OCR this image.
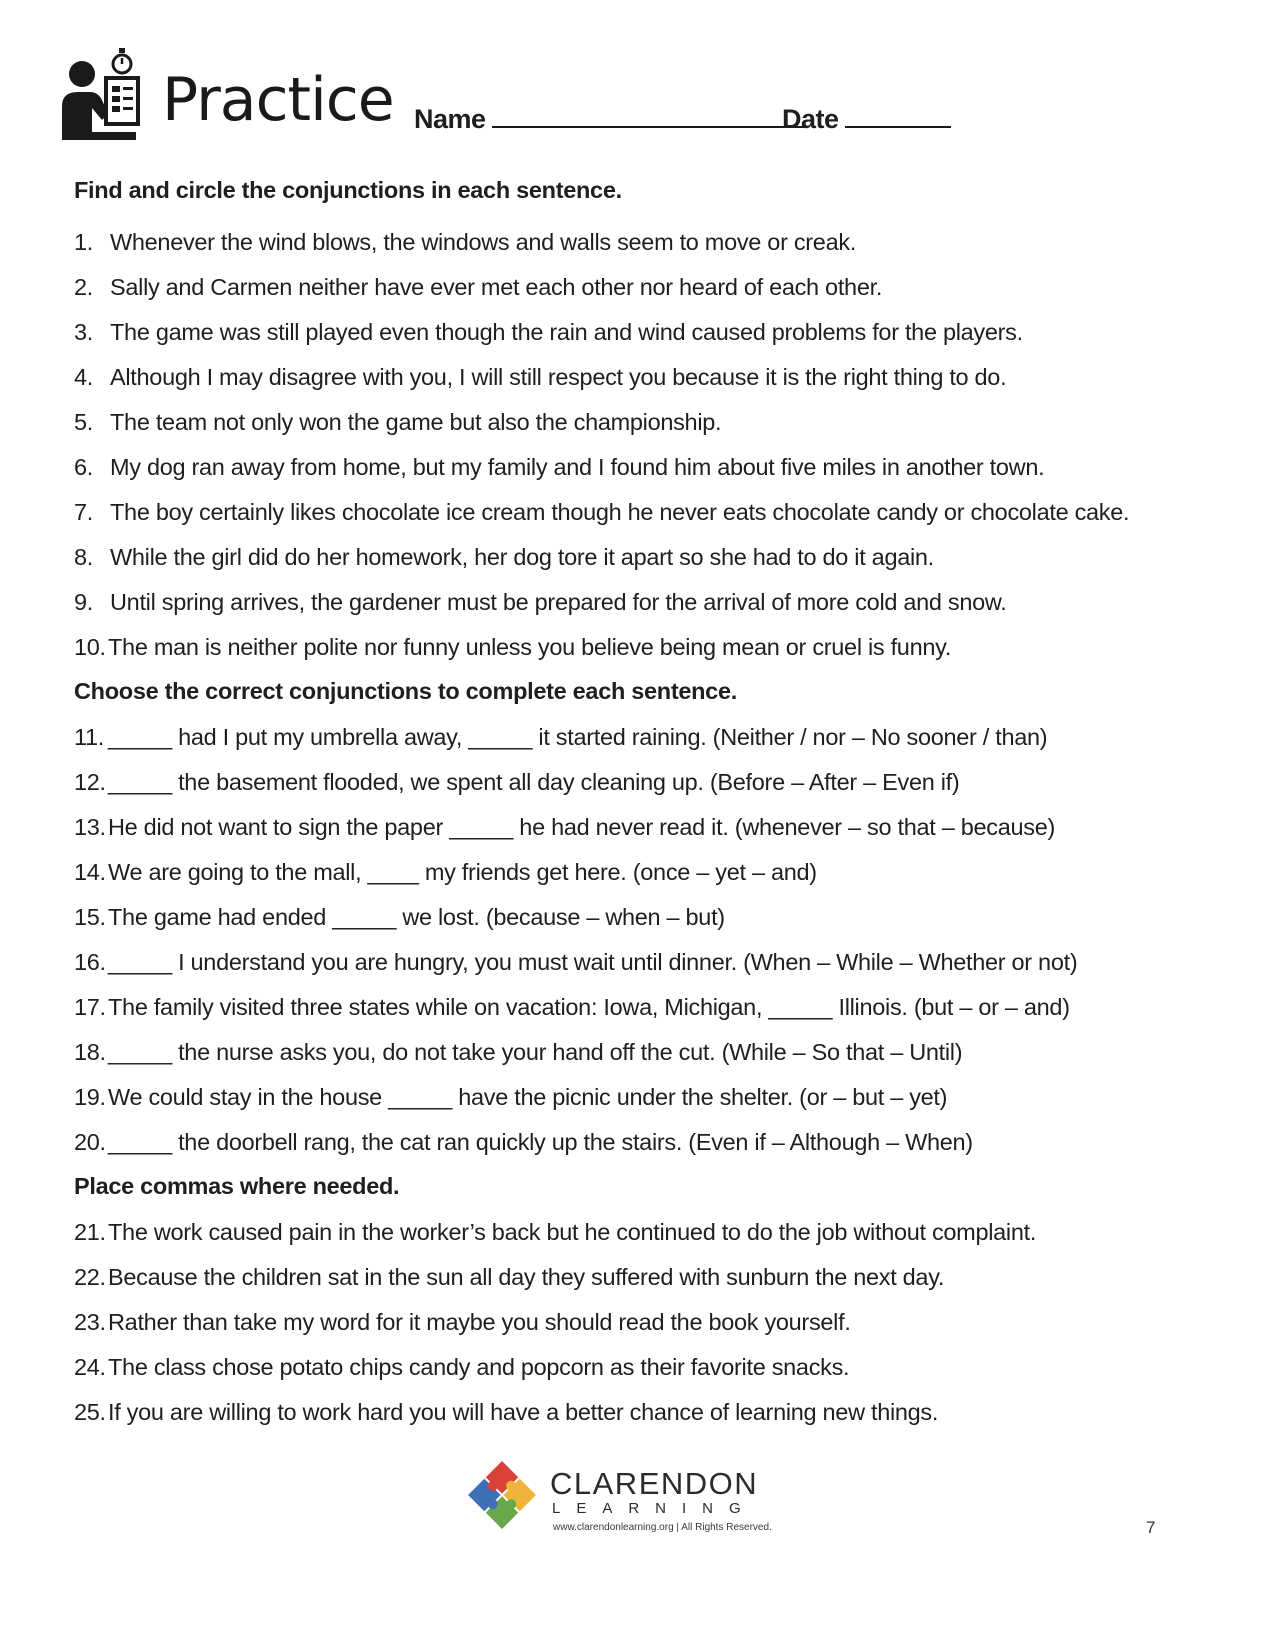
Practice Name	Date
Find and circle the conjunctions in each sentence.
1. Whenever the wind blows, the windows and walls seem to move or creak.
2. Sally and Carmen neither have ever met each other nor heard of each other.
3. The game was still played even though the rain and wind caused problems for the players.
4. Although I may disagree with you, I will still respect you because it is the right thing to do.
5. The team not only won the game but also the championship.
6. My dog ran away from home, but my family and I found him about five miles in another town.
7. The boy certainly likes chocolate ice cream though he never eats chocolate candy or chocolate cake.
8. While the girl did do her homework, her dog tore it apart so she had to do it again.
9. Until spring arrives, the gardener must be prepared for the arrival of more cold and snow.
10. The man is neither polite nor funny unless you believe being mean or cruel is funny.
Choose the correct conjunctions to complete each sentence.
11. _____ had I put my umbrella away, _____ it started raining. (Neither / nor – No sooner / than)
12. _____ the basement flooded, we spent all day cleaning up. (Before – After – Even if)
13. He did not want to sign the paper _____ he had never read it. (whenever – so that – because)
14. We are going to the mall, ____ my friends get here. (once – yet – and)
15. The game had ended _____ we lost. (because – when – but)
16. _____ I understand you are hungry, you must wait until dinner. (When – While – Whether or not)
17. The family visited three states while on vacation: Iowa, Michigan, _____ Illinois. (but – or – and)
18. _____ the nurse asks you, do not take your hand off the cut. (While – So that – Until)
19. We could stay in the house _____ have the picnic under the shelter. (or – but – yet)
20. _____ the doorbell rang, the cat ran quickly up the stairs. (Even if – Although – When)
Place commas where needed.
21. The work caused pain in the worker’s back but he continued to do the job without complaint.
22. Because the children sat in the sun all day they suffered with sunburn the next day.
23. Rather than take my word for it maybe you should read the book yourself.
24. The class chose potato chips candy and popcorn as their favorite snacks.
25. If you are willing to work hard you will have a better chance of learning new things.
CLARENDON
LEARNING
www.clarendonlearning.org | All Rights Reserved.	7
